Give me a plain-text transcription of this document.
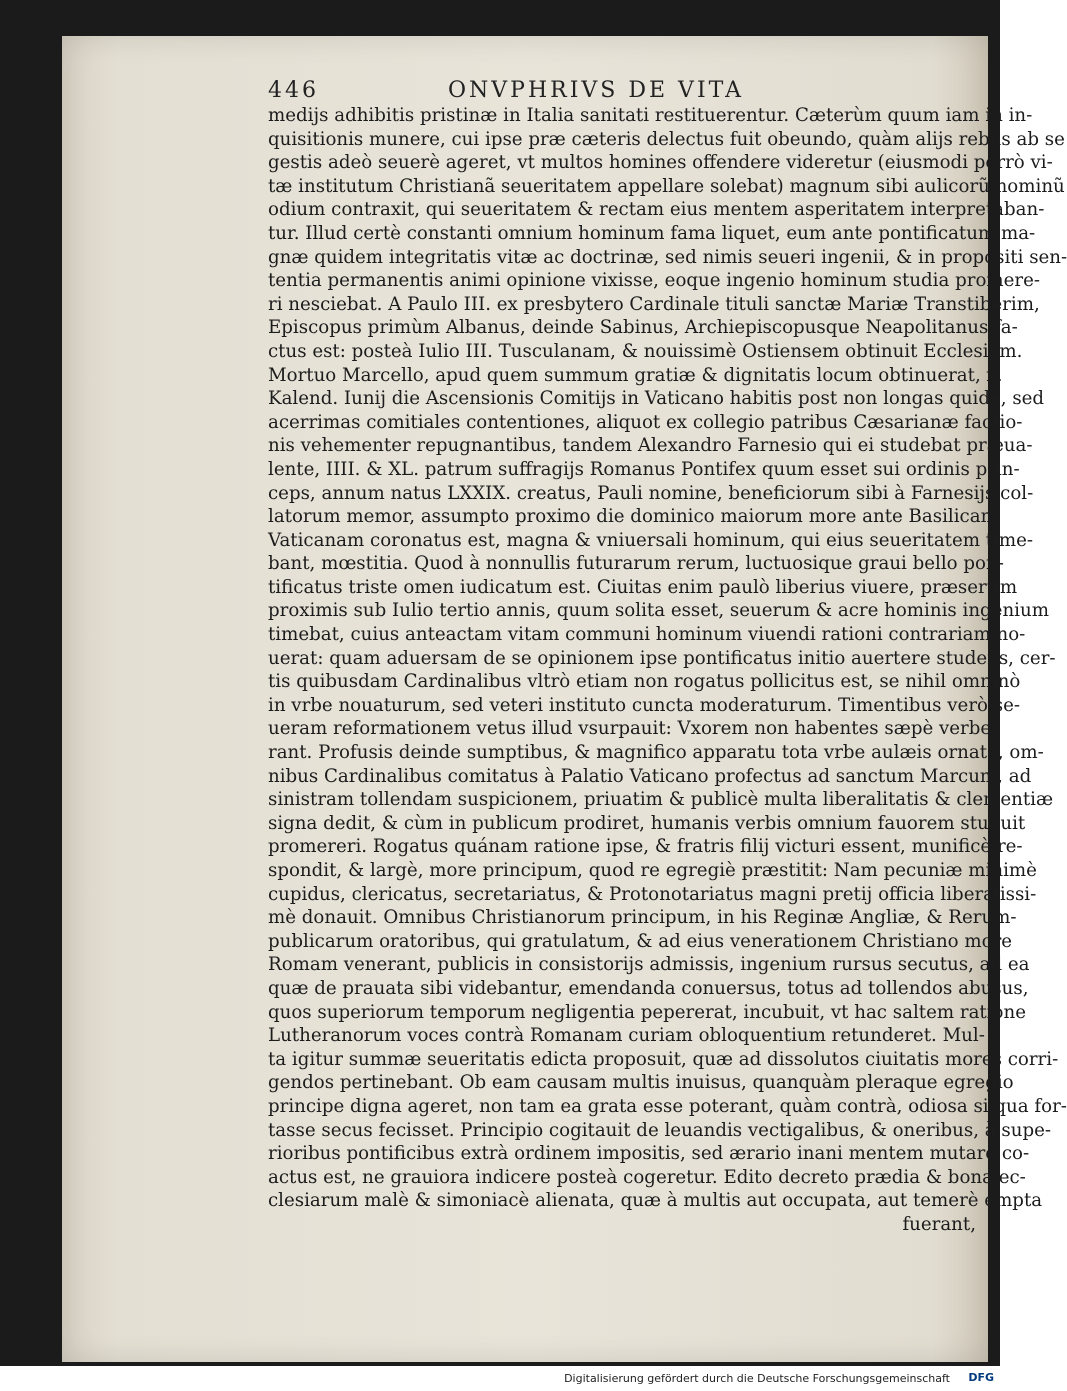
446	ONVPHRIVS DE VITA
medijs adhibitis pristinæ in Italia sanitati restituerentur. Cæterùm quum iam in in-
quisitionis munere, cui ipse præ cæteris delectus fuit obeundo, quàm alijs rebus ab se
gestis adeò seuerè ageret, vt multos homines offendere videretur (eiusmodi porrò vi-
tæ institutum Christianã seueritatem appellare solebat) magnum sibi aulicorũ hominũ
odium contraxit, qui seueritatem & rectam eius mentem asperitatem interpretaban-
tur. Illud certè constanti omnium hominum fama liquet, eum ante pontificatum ma-
gnæ quidem integritatis vitæ ac doctrinæ, sed nimis seueri ingenii, & in propositi sen-
tentia permanentis animi opinione vixisse, eoque ingenio hominum studia promere-
ri nesciebat. A Paulo III. ex presbytero Cardinale tituli sanctæ Mariæ Transtiberim,
Episcopus primùm Albanus, deinde Sabinus, Archiepiscopusque Neapolitanus fa-
ctus est: posteà Iulio III. Tusculanam, & nouissimè Ostiensem obtinuit Ecclesiam.
Mortuo Marcello, apud quem summum gratiæ & dignitatis locum obtinuerat, x.
Kalend. Iunij die Ascensionis Comitijs in Vaticano habitis post non longas quidé, sed
acerrimas comitiales contentiones, aliquot ex collegio patribus Cæsarianæ factio-
nis vehementer repugnantibus, tandem Alexandro Farnesio qui ei studebat præua-
lente, IIII. & XL. patrum suffragijs Romanus Pontifex quum esset sui ordinis prin-
ceps, annum natus LXXIX. creatus, Pauli nomine, beneficiorum sibi à Farnesijs col-
latorum memor, assumpto proximo die dominico maiorum more ante Basilicam
Vaticanam coronatus est, magna & vniuersali hominum, qui eius seueritatem time-
bant, mœstitia. Quod à nonnullis futurarum rerum, luctuosique graui bello pon-
tificatus triste omen iudicatum est. Ciuitas enim paulò liberius viuere, præsertim
proximis sub Iulio tertio annis, quum solita esset, seuerum & acre hominis ingenium
timebat, cuius anteactam vitam communi hominum viuendi rationi contrariam no-
uerat: quam aduersam de se opinionem ipse pontificatus initio auertere studens, cer-
tis quibusdam Cardinalibus vltrò etiam non rogatus pollicitus est, se nihil omninò
in vrbe nouaturum, sed veteri instituto cuncta moderaturum. Timentibus verò se-
ueram reformationem vetus illud vsurpauit: Vxorem non habentes sæpè verbe-
rant. Profusis deinde sumptibus, & magnifico apparatu tota vrbe aulæis ornata, om-
nibus Cardinalibus comitatus à Palatio Vaticano profectus ad sanctum Marcum, ad
sinistram tollendam suspicionem, priuatim & publicè multa liberalitatis & clementiæ
signa dedit, & cùm in publicum prodiret, humanis verbis omnium fauorem studuit
promereri. Rogatus quánam ratione ipse, & fratris filij victuri essent, munificè re-
spondit, & largè, more principum, quod re egregiè præstitit: Nam pecuniæ minimè
cupidus, clericatus, secretariatus, & Protonotariatus magni pretij officia liberalissi-
mè donauit. Omnibus Christianorum principum, in his Reginæ Angliæ, & Rerum-
publicarum oratoribus, qui gratulatum, & ad eius venerationem Christiano more
Romam venerant, publicis in consistorijs admissis, ingenium rursus secutus, ad ea
quæ de prauata sibi videbantur, emendanda conuersus, totus ad tollendos abusus,
quos superiorum temporum negligentia pepererat, incubuit, vt hac saltem ratione
Lutheranorum voces contrà Romanam curiam obloquentium retunderet. Mul-
ta igitur summæ seueritatis edicta proposuit, quæ ad dissolutos ciuitatis mores corri-
gendos pertinebant. Ob eam causam multis inuisus, quanquàm pleraque egregio
principe digna ageret, non tam ea grata esse poterant, quàm contrà, odiosa si qua for-
tasse secus fecisset. Principio cogitauit de leuandis vectigalibus, & oneribus, à supe-
rioribus pontificibus extrà ordinem impositis, sed ærario inani mentem mutare co-
actus est, ne grauiora indicere posteà cogeretur. Edito decreto prædia & bona ec-
clesiarum malè & simoniacè alienata, quæ à multis aut occupata, aut temerè empta
fuerant,
Digitalisierung gefördert durch die Deutsche Forschungsgemeinschaft DFG
